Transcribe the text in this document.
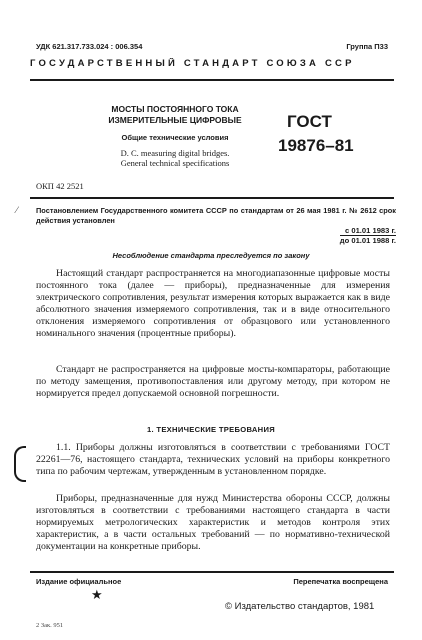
УДК 621.317.733.024 : 006.354	Группа П33
ГОСУДАРСТВЕННЫЙ СТАНДАРТ СОЮЗА ССР
МОСТЫ ПОСТОЯННОГО ТОКА
ИЗМЕРИТЕЛЬНЫЕ ЦИФРОВЫЕ
Общие технические условия
D. C. measuring digital bridges.
General technical specifications
ГОСТ
19876–81
ОКП 42 2521
⁄ Постановлением Государственного комитета СССР по стандартам от 26 мая 1981 г. № 2612 срок действия установлен
с 01.01 1983 г.
до 01.01 1988 г.
Несоблюдение стандарта преследуется по закону

Настоящий стандарт распространяется на многодиапазонные цифровые мосты постоянного тока (далее — приборы), предназначенные для измерения электрического сопротивления, результат измерения которых выражается как в виде абсолютного значения измеряемого сопротивления, так и в виде относительного отклонения измеряемого сопротивления от образцового или установленного номинального значения (процентные приборы).

Стандарт не распространяется на цифровые мосты-компараторы, работающие по методу замещения, противопоставления или другому методу, при котором не нормируется предел допускаемой основной погрешности.

1. ТЕХНИЧЕСКИЕ ТРЕБОВАНИЯ

1.1. Приборы должны изготовляться в соответствии с требованиями ГОСТ 22261—76, настоящего стандарта, технических условий на приборы конкретного типа по рабочим чертежам, утвержденным в установленном порядке.

Приборы, предназначенные для нужд Министерства обороны СССР, должны изготовляться в соответствии с требованиями настоящего стандарта в части нормируемых метрологических характеристик и методов контроля этих характеристик, а в части остальных требований — по нормативно-технической документации на конкретные приборы.

Издание официальное	Перепечатка воспрещена
★
© Издательство стандартов, 1981
2 Зак. 951
